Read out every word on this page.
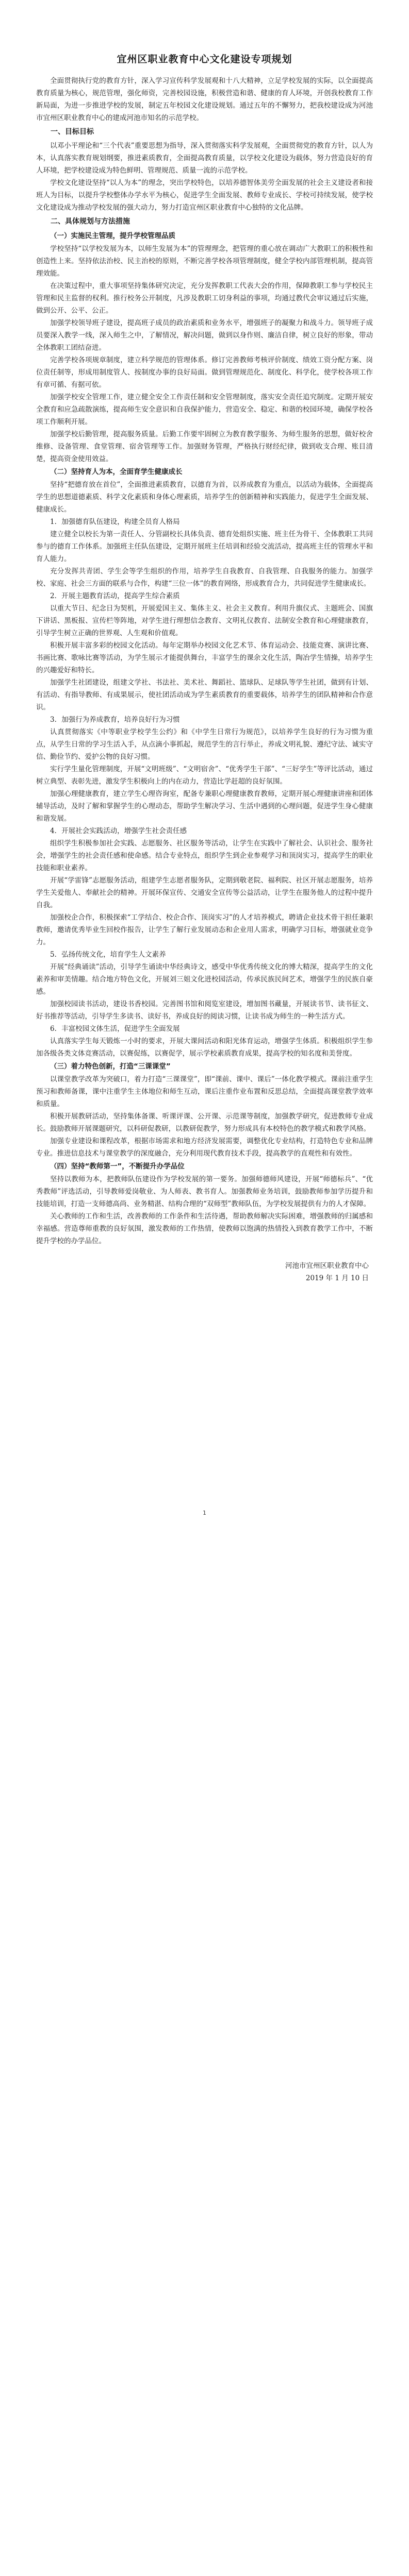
宜州区职业教育中心文化建设专项规划

全面贯彻执行党的教育方针，深入学习宣传科学发展观和十八大精神，立足学校发展的实际，以全面提高教育质量为核心，规范管理，强化师资，完善校园设施，积极营造和谐、健康的育人环境，开创我校教育工作新局面，为进一步推进学校的发展，制定五年校园文化建设规划。通过五年的不懈努力，把我校建设成为河池市宜州区职业教育中心的建成河池市知名的示范学校。

一、目标目标

以邓小平理论和“三个代表”重要思想为指导，深入贯彻落实科学发展观，全面贯彻党的教育方针，以人为本，认真落实教育规划纲要，推进素质教育，全面提高教育质量，以学校文化建设为载体，努力营造良好的育人环境，把学校建设成为特色鲜明、管理规范、质量一流的示范学校。

学校文化建设坚持“以人为本”的理念，突出学校特色，以培养德智体美劳全面发展的社会主义建设者和接班人为目标，以提升学校整体办学水平为核心，促进学生全面发展、教师专业成长、学校可持续发展，使学校文化建设成为推动学校发展的强大动力，努力打造宜州区职业教育中心独特的文化品牌。

二、具体规划与方法措施
（一）实施民主管理，提升学校管理品质

学校坚持“以学校发展为本，以师生发展为本”的管理理念，把管理的重心放在调动广大教职工的积极性和创造性上来。坚持依法治校、民主治校的原则，不断完善学校各项管理制度，健全学校内部管理机制，提高管理效能。

在决策过程中，重大事项坚持集体研究决定，充分发挥教职工代表大会的作用，保障教职工参与学校民主管理和民主监督的权利。推行校务公开制度，凡涉及教职工切身利益的事项，均通过教代会审议通过后实施，做到公开、公平、公正。

加强学校领导班子建设，提高班子成员的政治素质和业务水平，增强班子的凝聚力和战斗力。领导班子成员要深入教学一线，深入师生之中，了解情况，解决问题，做到以身作则、廉洁自律，树立良好的形象，带动全体教职工团结奋进。

完善学校各项规章制度，建立科学规范的管理体系。修订完善教师考核评价制度、绩效工资分配方案、岗位责任制等，形成用制度管人、按制度办事的良好局面。做到管理规范化、制度化、科学化，使学校各项工作有章可循、有据可依。

加强学校安全管理工作，建立健全安全工作责任制和安全管理制度，落实安全责任追究制度。定期开展安全教育和应急疏散演练，提高师生安全意识和自我保护能力，营造安全、稳定、和谐的校园环境，确保学校各项工作顺利开展。

加强学校后勤管理，提高服务质量。后勤工作要牢固树立为教育教学服务、为师生服务的思想，做好校舍维修、设备管理、食堂管理、宿舍管理等工作。加强财务管理，严格执行财经纪律，做到收支合理、账目清楚，提高资金使用效益。

（二）坚持育人为本，全面育学生健康成长

坚持“把德育放在首位”，全面推进素质教育，以德育为首，以养成教育为重点，以活动为载体，全面提高学生的思想道德素质、科学文化素质和身体心理素质，培养学生的创新精神和实践能力，促进学生全面发展、健康成长。

1．加强德育队伍建设，构建全员育人格局

建立健全以校长为第一责任人、分管副校长具体负责、德育处组织实施、班主任为骨干、全体教职工共同参与的德育工作体系。加强班主任队伍建设，定期开展班主任培训和经验交流活动，提高班主任的管理水平和育人能力。

充分发挥共青团、学生会等学生组织的作用，培养学生自我教育、自我管理、自我服务的能力。加强学校、家庭、社会三方面的联系与合作，构建“三位一体”的教育网络，形成教育合力，共同促进学生健康成长。

2．开展主题教育活动，提高学生综合素质

以重大节日、纪念日为契机，开展爱国主义、集体主义、社会主义教育。利用升旗仪式、主题班会、国旗下讲话、黑板报、宣传栏等阵地，对学生进行理想信念教育、文明礼仪教育、法制安全教育和心理健康教育，引导学生树立正确的世界观、人生观和价值观。

积极开展丰富多彩的校园文化活动。每年定期举办校园文化艺术节、体育运动会、技能竞赛、演讲比赛、书画比赛、歌咏比赛等活动，为学生展示才能提供舞台，丰富学生的课余文化生活，陶冶学生情操，培养学生的兴趣爱好和特长。

加强学生社团建设，组建文学社、书法社、美术社、舞蹈社、篮球队、足球队等学生社团，做到有计划、有活动、有指导教师、有成果展示，使社团活动成为学生素质教育的重要载体，培养学生的团队精神和合作意识。

3．加强行为养成教育，培养良好行为习惯

认真贯彻落实《中等职业学校学生公约》和《中学生日常行为规范》，以培养学生良好的行为习惯为重点，从学生日常的学习生活入手，从点滴小事抓起，规范学生的言行举止，养成文明礼貌、遵纪守法、诚实守信、勤俭节约、爱护公物的良好习惯。

实行学生量化管理制度，开展“文明班级”、“文明宿舍”、“优秀学生干部”、“三好学生”等评比活动，通过树立典型、表彰先进，激发学生积极向上的内在动力，营造比学赶超的良好氛围。

加强心理健康教育，建立学生心理咨询室，配备专兼职心理健康教育教师，定期开展心理健康讲座和团体辅导活动，及时了解和掌握学生的心理动态，帮助学生解决学习、生活中遇到的心理问题，促进学生身心健康和谐发展。

4．开展社会实践活动，增强学生社会责任感

组织学生积极参加社会实践、志愿服务、社区服务等活动，让学生在实践中了解社会、认识社会、服务社会，增强学生的社会责任感和使命感。结合专业特点，组织学生到企业参观学习和顶岗实习，提高学生的职业技能和职业素养。

开展“学雷锋”志愿服务活动，组建学生志愿者服务队，定期到敬老院、福利院、社区开展志愿服务，培养学生关爱他人、奉献社会的精神。开展环保宣传、交通安全宣传等公益活动，让学生在服务他人的过程中提升自我。

加强校企合作，积极探索“工学结合、校企合作、顶岗实习”的人才培养模式，聘请企业技术骨干担任兼职教师，邀请优秀毕业生回校作报告，让学生了解行业发展动态和企业用人需求，明确学习目标，增强就业竞争力。

5．弘扬传统文化，培育学生人文素养

开展“经典诵读”活动，引导学生诵读中华经典诗文，感受中华优秀传统文化的博大精深，提高学生的文化素养和审美情趣。结合地方特色文化，开展刘三姐文化进校园活动，传承民族民间艺术，增强学生的民族自豪感。

加强校园读书活动，建设书香校园。完善图书馆和阅览室建设，增加图书藏量，开展读书节、读书征文、好书推荐等活动，引导学生多读书、读好书，养成良好的阅读习惯，让读书成为师生的一种生活方式。

6．丰富校园文体生活，促进学生全面发展

认真落实学生每天锻炼一小时的要求，开展大课间活动和阳光体育运动，增强学生体质。积极组织学生参加各级各类文体竞赛活动，以赛促练，以赛促学，展示学校素质教育成果，提高学校的知名度和美誉度。

（三）着力特色创新，打造“三课课堂”

以课堂教学改革为突破口，着力打造“三课课堂”，即“课前、课中、课后”一体化教学模式。课前注重学生预习和教师备课，课中注重学生主体地位和师生互动，课后注重作业布置和反思总结，全面提高课堂教学效率和质量。

积极开展教研活动，坚持集体备课、听课评课、公开课、示范课等制度，加强教学研究，促进教师专业成长。鼓励教师开展课题研究，以科研促教研，以教研促教学，努力形成具有本校特色的教学模式和教学风格。

加强专业建设和课程改革，根据市场需求和地方经济发展需要，调整优化专业结构，打造特色专业和品牌专业。推进信息技术与课堂教学的深度融合，充分利用现代教育技术手段，提高教学的直观性和有效性。

（四）坚持“教师第一”，不断提升办学品位

坚持以教师为本，把教师队伍建设作为学校发展的第一要务。加强师德师风建设，开展“师德标兵”、“优秀教师”评选活动，引导教师爱岗敬业、为人师表、教书育人。加强教师业务培训，鼓励教师参加学历提升和技能培训，打造一支师德高尚、业务精湛、结构合理的“双师型”教师队伍，为学校发展提供有力的人才保障。

关心教师的工作和生活，改善教师的工作条件和生活待遇，帮助教师解决实际困难，增强教师的归属感和幸福感。营造尊师重教的良好氛围，激发教师的工作热情，使教师以饱满的热情投入到教育教学工作中，不断提升学校的办学品位。

河池市宜州区职业教育中心
2019 年 1 月 10 日
1
